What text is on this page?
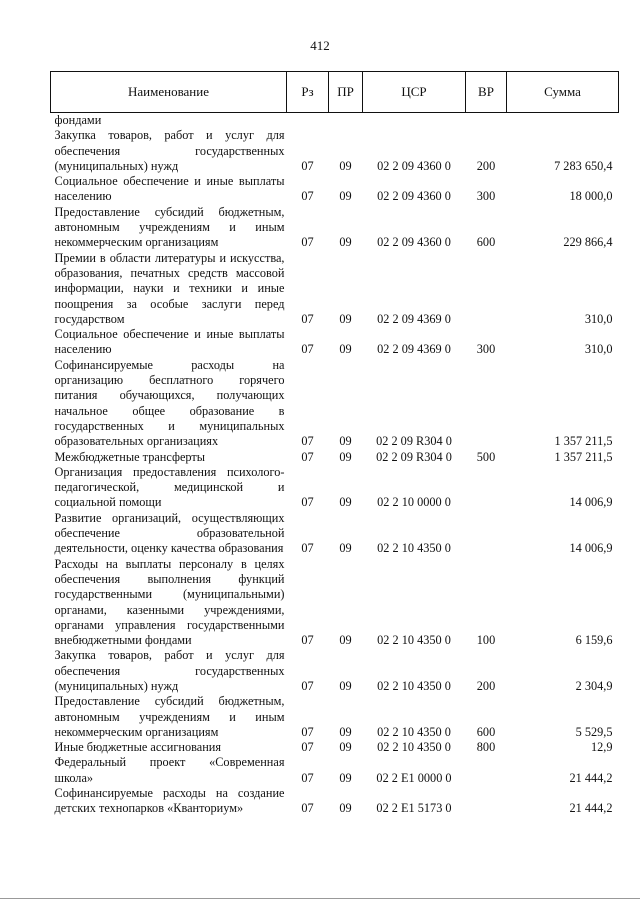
412
Наименование	Рз	ПР	ЦСР	ВР	Сумма
фондами					
Закупка товаров, работ и услуг для обеспечения государственных (муниципальных) нужд	07	09	02 2 09 4360 0	200	7 283 650,4
Социальное обеспечение и иные выплаты населению	07	09	02 2 09 4360 0	300	18 000,0
Предоставление субсидий бюджетным, автономным учреждениям и иным некоммерческим организациям	07	09	02 2 09 4360 0	600	229 866,4
Премии в области литературы и искусства, образования, печатных средств массовой информации, науки и техники и иные поощрения за особые заслуги перед государством	07	09	02 2 09 4369 0		310,0
Социальное обеспечение и иные выплаты населению	07	09	02 2 09 4369 0	300	310,0
Софинансируемые расходы на организацию бесплатного горячего питания обучающихся, получающих начальное общее образование в государственных и муниципальных образовательных организациях	07	09	02 2 09 R304 0		1 357 211,5
Межбюджетные трансферты	07	09	02 2 09 R304 0	500	1 357 211,5
Организация предоставления психолого-педагогической, медицинской и социальной помощи	07	09	02 2 10 0000 0		14 006,9
Развитие организаций, осуществляющих обеспечение образовательной деятельности, оценку качества образования	07	09	02 2 10 4350 0		14 006,9
Расходы на выплаты персоналу в целях обеспечения выполнения функций государственными (муниципальными) органами, казенными учреждениями, органами управления государственными внебюджетными фондами	07	09	02 2 10 4350 0	100	6 159,6
Закупка товаров, работ и услуг для обеспечения государственных (муниципальных) нужд	07	09	02 2 10 4350 0	200	2 304,9
Предоставление субсидий бюджетным, автономным учреждениям и иным некоммерческим организациям	07	09	02 2 10 4350 0	600	5 529,5
Иные бюджетные ассигнования	07	09	02 2 10 4350 0	800	12,9
Федеральный проект «Современная школа»	07	09	02 2 E1 0000 0		21 444,2
Софинансируемые расходы на создание детских технопарков «Кванториум»	07	09	02 2 E1 5173 0		21 444,2
